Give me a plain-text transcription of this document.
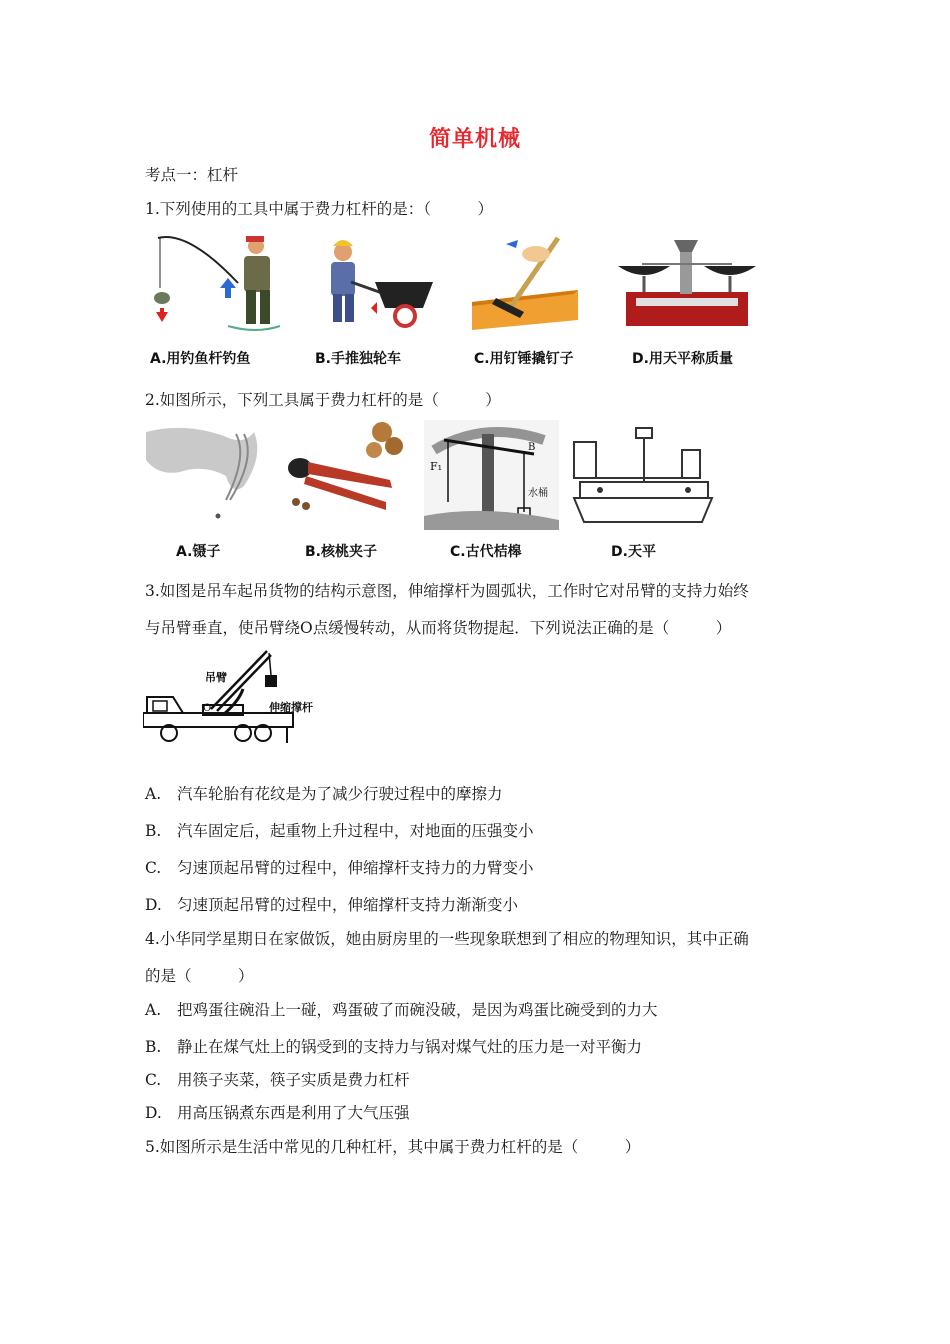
简单机械
考点一：杠杆
1.下列使用的工具中属于费力杠杆的是：（　　　）
A.用钓鱼杆钓鱼	B.手推独轮车	C.用钉锤撬钉子	D.用天平称质量
2.如图所示，下列工具属于费力杠杆的是（　　　）
F₁
B
水桶
A.镊子	B.核桃夹子	C.古代桔槔	D.天平
3.如图是吊车起吊货物的结构示意图，伸缩撑杆为圆弧状，工作时它对吊臂的支持力始终
与吊臂垂直，使吊臂绕O点缓慢转动，从而将货物提起．下列说法正确的是（　　　）
吊臂
O	伸缩撑杆
A. 汽车轮胎有花纹是为了减少行驶过程中的摩擦力
B. 汽车固定后，起重物上升过程中，对地面的压强变小
C. 匀速顶起吊臂的过程中，伸缩撑杆支持力的力臂变小
D. 匀速顶起吊臂的过程中，伸缩撑杆支持力渐渐变小
4.小华同学星期日在家做饭，她由厨房里的一些现象联想到了相应的物理知识，其中正确
的是（　　　）
A. 把鸡蛋往碗沿上一碰，鸡蛋破了而碗没破，是因为鸡蛋比碗受到的力大
B. 静止在煤气灶上的锅受到的支持力与锅对煤气灶的压力是一对平衡力
C. 用筷子夹菜，筷子实质是费力杠杆
D. 用高压锅煮东西是利用了大气压强
5.如图所示是生活中常见的几种杠杆，其中属于费力杠杆的是（　　　）
